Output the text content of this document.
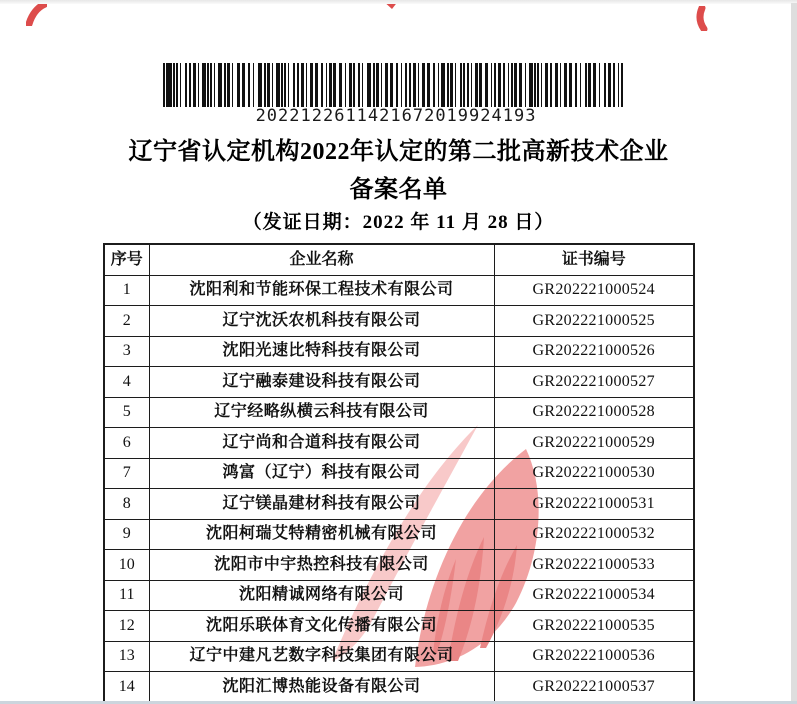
2022122611421672019924193
辽宁省认定机构2022年认定的第二批高新技术企业
备案名单
（发证日期：2022 年 11 月 28 日）
序号	企业名称	证书编号
1	沈阳利和节能环保工程技术有限公司	GR202221000524
2	辽宁沈沃农机科技有限公司	GR202221000525
3	沈阳光速比特科技有限公司	GR202221000526
4	辽宁融泰建设科技有限公司	GR202221000527
5	辽宁经略纵横云科技有限公司	GR202221000528
6	辽宁尚和合道科技有限公司	GR202221000529
7	鸿富（辽宁）科技有限公司	GR202221000530
8	辽宁镁晶建材科技有限公司	GR202221000531
9	沈阳柯瑞艾特精密机械有限公司	GR202221000532
10	沈阳市中宇热控科技有限公司	GR202221000533
11	沈阳精诚网络有限公司	GR202221000534
12	沈阳乐联体育文化传播有限公司	GR202221000535
13	辽宁中建凡艺数字科技集团有限公司	GR202221000536
14	沈阳汇博热能设备有限公司	GR202221000537
